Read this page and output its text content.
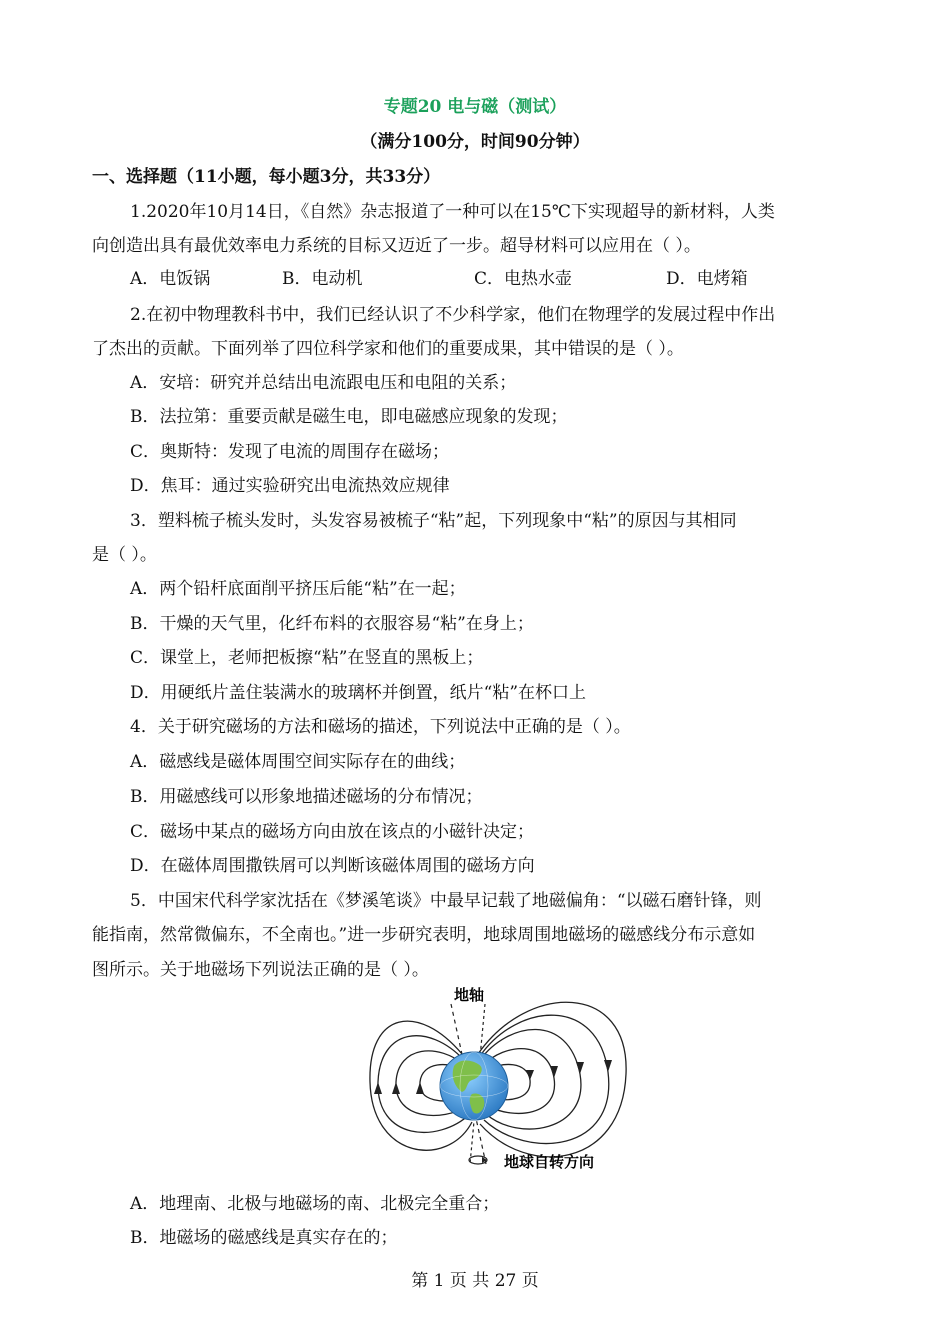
专题20 电与磁（测试）
（满分100分，时间90分钟）
一、选择题（11小题，每小题3分，共33分）
1.2020年10月14日，《自然》杂志报道了一种可以在15℃下实现超导的新材料，人类
向创造出具有最优效率电力系统的目标又迈近了一步。超导材料可以应用在（ ）。
A．电饭锅	B．电动机	C．电热水壶	D．电烤箱
2.在初中物理教科书中，我们已经认识了不少科学家，他们在物理学的发展过程中作出
了杰出的贡献。下面列举了四位科学家和他们的重要成果，其中错误的是（ ）。
A．安培：研究并总结出电流跟电压和电阻的关系；
B．法拉第：重要贡献是磁生电，即电磁感应现象的发现；
C．奥斯特：发现了电流的周围存在磁场；
D．焦耳：通过实验研究出电流热效应规律
3．塑料梳子梳头发时，头发容易被梳子“粘”起，下列现象中“粘”的原因与其相同
是（ ）。
A．两个铅杆底面削平挤压后能“粘”在一起；
B．干燥的天气里，化纤布料的衣服容易“粘”在身上；
C．课堂上，老师把板擦“粘”在竖直的黑板上；
D．用硬纸片盖住装满水的玻璃杯并倒置，纸片“粘”在杯口上
4．关于研究磁场的方法和磁场的描述，下列说法中正确的是（ ）。
A．磁感线是磁体周围空间实际存在的曲线；
B．用磁感线可以形象地描述磁场的分布情况；
C．磁场中某点的磁场方向由放在该点的小磁针决定；
D．在磁体周围撒铁屑可以判断该磁体周围的磁场方向
5．中国宋代科学家沈括在《梦溪笔谈》中最早记载了地磁偏角：“以磁石磨针锋，则
能指南，然常微偏东，不全南也。”进一步研究表明，地球周围地磁场的磁感线分布示意如
图所示。关于地磁场下列说法正确的是（ ）。
地轴
地球自转方向
A．地理南、北极与地磁场的南、北极完全重合；
B．地磁场的磁感线是真实存在的；
第 1 页 共 27 页
